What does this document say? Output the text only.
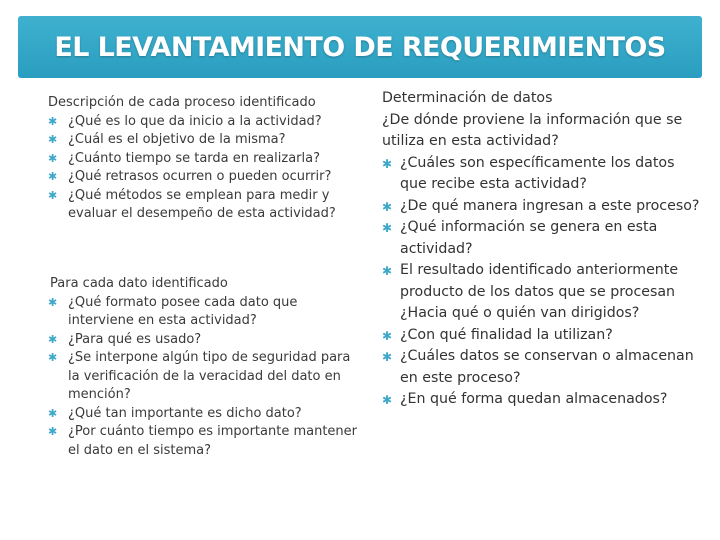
EL LEVANTAMIENTO DE REQUERIMIENTOS
Descripción de cada proceso identificado
✱ ¿Qué es lo que da inicio a la actividad?
✱ ¿Cuál es el objetivo de la misma?
✱ ¿Cuánto tiempo se tarda en realizarla?
✱ ¿Qué retrasos ocurren o pueden ocurrir?
✱ ¿Qué métodos se emplean para medir y evaluar el desempeño de esta actividad?
Para cada dato identificado
✱ ¿Qué formato posee cada dato que interviene en esta actividad?
✱ ¿Para qué es usado?
✱ ¿Se interpone algún tipo de seguridad para la verificación de la veracidad del dato en mención?
✱ ¿Qué tan importante es dicho dato?
✱ ¿Por cuánto tiempo es importante mantener el dato en el sistema?
Determinación de datos
¿De dónde proviene la información que se utiliza en esta actividad?
✱ ¿Cuáles son específicamente los datos que recibe esta actividad?
✱ ¿De qué manera ingresan a este proceso?
✱ ¿Qué información se genera en esta actividad?
✱ El resultado identificado anteriormente producto de los datos que se procesan ¿Hacia qué o quién van dirigidos?
✱ ¿Con qué finalidad la utilizan?
✱ ¿Cuáles datos se conservan o almacenan en este proceso?
✱ ¿En qué forma quedan almacenados?
